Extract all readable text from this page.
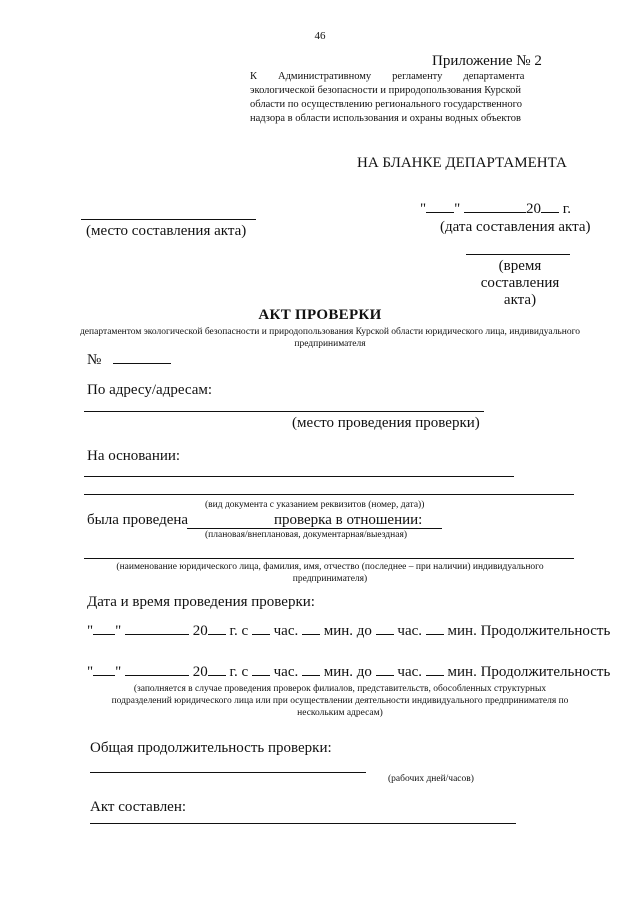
46
Приложение № 2
К        Административному        регламенту        департамента
экологической безопасности и природопользования Курской
области по осуществлению регионального государственного
надзора в области использования и охраны водных объектов
НА БЛАНКЕ ДЕПАРТАМЕНТА
(место составления акта)
" "	20 г.
(дата составления акта)
(время
составления
акта)
АКТ ПРОВЕРКИ
департаментом экологической безопасности и природопользования Курской области юридического лица, индивидуального предпринимателя
№
По адресу/адресам:
(место проведения проверки)
На основании:
(вид документа с указанием реквизитов (номер, дата))
была проведена	проверка в отношении:
(плановая/внеплановая, документарная/выездная)
(наименование юридического лица, фамилия, имя, отчество (последнее – при наличии) индивидуального предпринимателя)
Дата и время проведения проверки:
" "	20 г. с час. мин. до час. мин. Продолжительность
" "	20 г. с час. мин. до час. мин. Продолжительность
(заполняется в случае проведения проверок филиалов, представительств, обособленных структурных подразделений юридического лица или при осуществлении деятельности индивидуального предпринимателя по нескольким адресам)
Общая продолжительность проверки:
(рабочих дней/часов)
Акт составлен:
